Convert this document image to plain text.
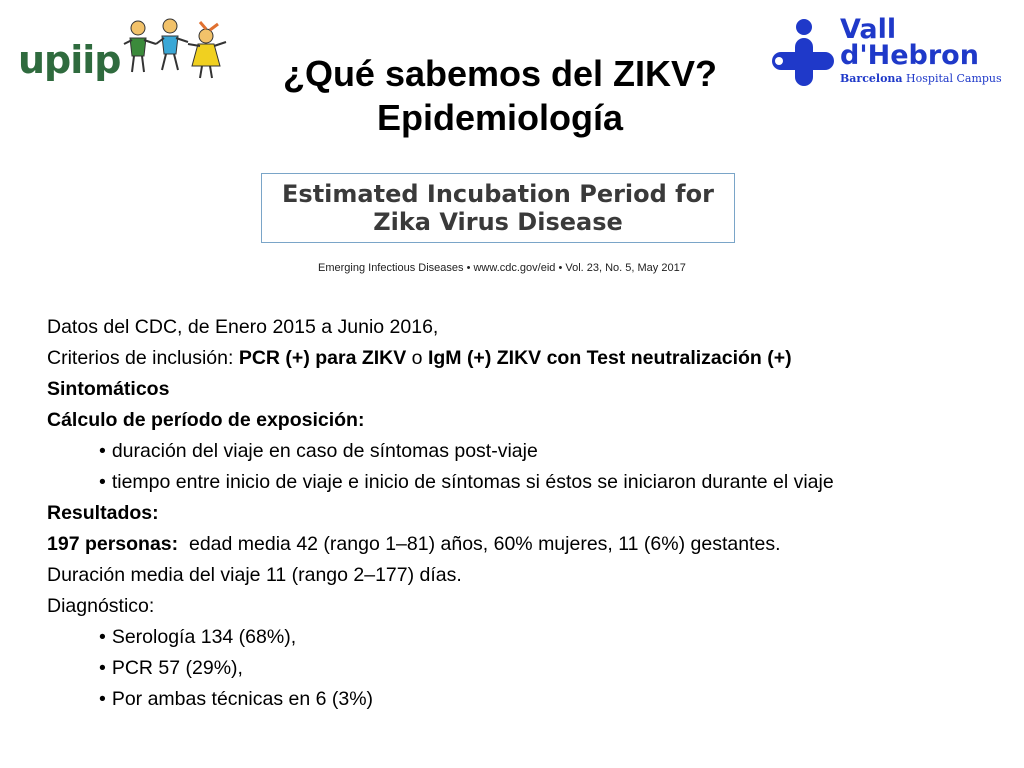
upiip
Vall
d'Hebron
Barcelona Hospital Campus
¿Qué sabemos del ZIKV?
Epidemiología
Estimated Incubation Period for
Zika Virus Disease
Emerging Infectious Diseases • www.cdc.gov/eid • Vol. 23, No. 5, May 2017
Datos del CDC, de Enero 2015 a Junio 2016,
Criterios de inclusión: PCR (+) para ZIKV o IgM (+) ZIKV con Test neutralización (+)
Sintomáticos
Cálculo de período de exposición:
• duración del viaje en caso de síntomas post-viaje
• tiempo entre inicio de viaje e inicio de síntomas si éstos se iniciaron durante el viaje
Resultados:
197 personas:  edad media 42 (rango 1–81) años, 60% mujeres, 11 (6%) gestantes.
Duración media del viaje 11 (rango 2–177) días.
Diagnóstico:
• Serología 134 (68%),
• PCR 57 (29%),
• Por ambas técnicas en 6 (3%)
